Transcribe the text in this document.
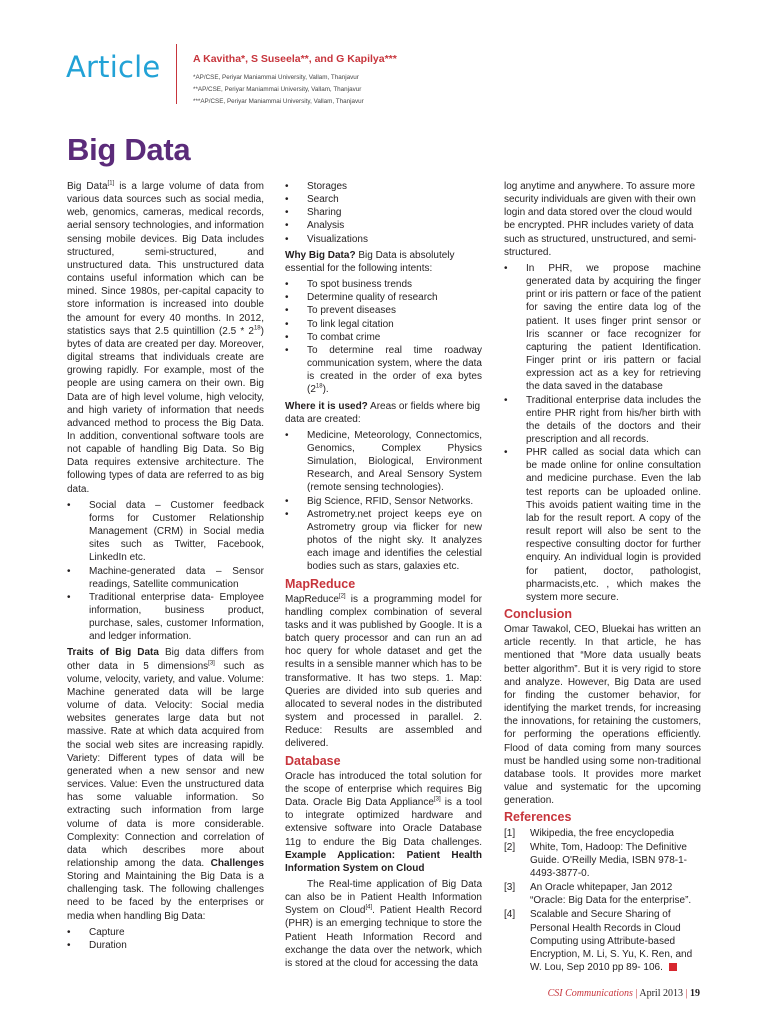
Article	A Kavitha*, S Suseela**, and G Kapilya***
*AP/CSE, Periyar Maniammai University, Vallam, Thanjavur
**AP/CSE, Periyar Maniammai University, Vallam, Thanjavur
***AP/CSE, Periyar Maniammai University, Vallam, Thanjavur
Big Data

Big Data[1] is a large volume of data from various data sources such as social media, web, genomics, cameras, medical records, aerial sensory technologies, and information sensing mobile devices. Big Data includes structured, semi-structured, and unstructured data. This unstructured data contains useful information which can be mined. Since 1980s, per-capital capacity to store information is increased into double the amount for every 40 months. In 2012, statistics says that 2.5 quintillion $(2.5 * 2^{18})$ bytes of data are created per day. Moreover, digital streams that individuals create are growing rapidly. For example, most of the people are using camera on their own. Big Data are of high level volume, high velocity, and high variety of information that needs advanced method to process the Big Data. In addition, conventional software tools are not capable of handling Big Data. So Big Data requires extensive architecture. The following types of data are referred to as big data.

• Social data – Customer feedback forms for Customer Relationship Management (CRM) in Social media sites such as Twitter, Facebook, LinkedIn etc.
• Machine-generated data – Sensor readings, Satellite communication
• Traditional enterprise data- Employee information, business product, purchase, sales, customer Information, and ledger information.

Traits of Big Data Big data differs from other data in 5 dimensions[3] such as volume, velocity, variety, and value. Volume: Machine generated data will be large volume of data. Velocity: Social media websites generates large data but not massive. Rate at which data acquired from the social web sites are increasing rapidly. Variety: Different types of data will be generated when a new sensor and new services. Value: Even the unstructured data has some valuable information. So extracting such information from large volume of data is more considerable. Complexity: Connection and correlation of data which describes more about relationship among the data. Challenges Storing and Maintaining the Big Data is a challenging task. The following challenges need to be faced by the enterprises or media when handling Big Data:

• Capture
• Duration
• Storages
• Search
• Sharing
• Analysis
• Visualizations

Why Big Data? Big Data is absolutely essential for the following intents:

• To spot business trends
• Determine quality of research
• To prevent diseases
• To link legal citation
• To combat crime
• To determine real time roadway communication system, where the data is created in the order of exa bytes $(2^{18})$.

Where it is used? Areas or fields where big data are created:

• Medicine, Meteorology, Connectomics, Genomics, Complex Physics Simulation, Biological, Environment Research, and Areal Sensory System (remote sensing technologies).
• Big Science, RFID, Sensor Networks.
• Astrometry.net project keeps eye on Astrometry group via flicker for new photos of the night sky. It analyzes each image and identifies the celestial bodies such as stars, galaxies etc.
MapReduce

MapReduce[2] is a programming model for handling complex combination of several tasks and it was published by Google. It is a batch query processor and can run an ad hoc query for whole dataset and get the results in a sensible manner which has to be transformative. It has two steps. 1. Map: Queries are divided into sub queries and allocated to several nodes in the distributed system and processed in parallel. 2. Reduce: Results are assembled and delivered.

Database

Oracle has introduced the total solution for the scope of enterprise which requires Big Data. Oracle Big Data Appliance[3] is a tool to integrate optimized hardware and extensive software into Oracle Database 11g to endure the Big Data challenges. Example Application: Patient Health Information System on Cloud

The Real-time application of Big Data can also be in Patient Health Information System on Cloud[4]. Patient Health Record (PHR) is an emerging technique to store the Patient Heath Information Record and exchange the data over the network, which is stored at the cloud for accessing the data

log anytime and anywhere. To assure more security individuals are given with their own login and data stored over the cloud would be encrypted. PHR includes variety of data such as structured, unstructured, and semi-structured.

• In PHR, we propose machine generated data by acquiring the finger print or iris pattern or face of the patient for saving the entire data log of the patient. It uses finger print sensor or Iris scanner or face recognizer for capturing the patient Identification. Finger print or iris pattern or facial expression act as a key for retrieving the data saved in the database
• Traditional enterprise data includes the entire PHR right from his/her birth with the details of the doctors and their prescription and all records.
• PHR called as social data which can be made online for online consultation and medicine purchase. Even the lab test reports can be uploaded online. This avoids patient waiting time in the lab for the result report. A copy of the result report will also be sent to the respective consulting doctor for further enquiry. An individual login is provided for patient, doctor, pathologist, pharmacists,etc. , which makes the system more secure.
Conclusion

Omar Tawakol, CEO, Bluekai has written an article recently. In that article, he has mentioned that “More data usually beats better algorithm”. But it is very rigid to store and analyze. However, Big Data are used for finding the customer behavior, for identifying the market trends, for increasing the innovations, for retaining the customers, for performing the operations efficiently. Flood of data coming from many sources must be handled using some non-traditional database tools. It provides more market value and systematic for the upcoming generation.

References
[1] Wikipedia, the free encyclopedia
[2] White, Tom, Hadoop: The Definitive Guide. O'Reilly Media, ISBN 978-1-4493-3877-0.
[3] An Oracle whitepaper, Jan 2012 “Oracle: Big Data for the enterprise”.
[4] Scalable and Secure Sharing of Personal Health Records in Cloud Computing using Attribute-based Encryption, M. Li, S. Yu, K. Ren, and W. Lou, Sep 2010 pp 89- 106.
CSI Communications | April 2013 | 19
